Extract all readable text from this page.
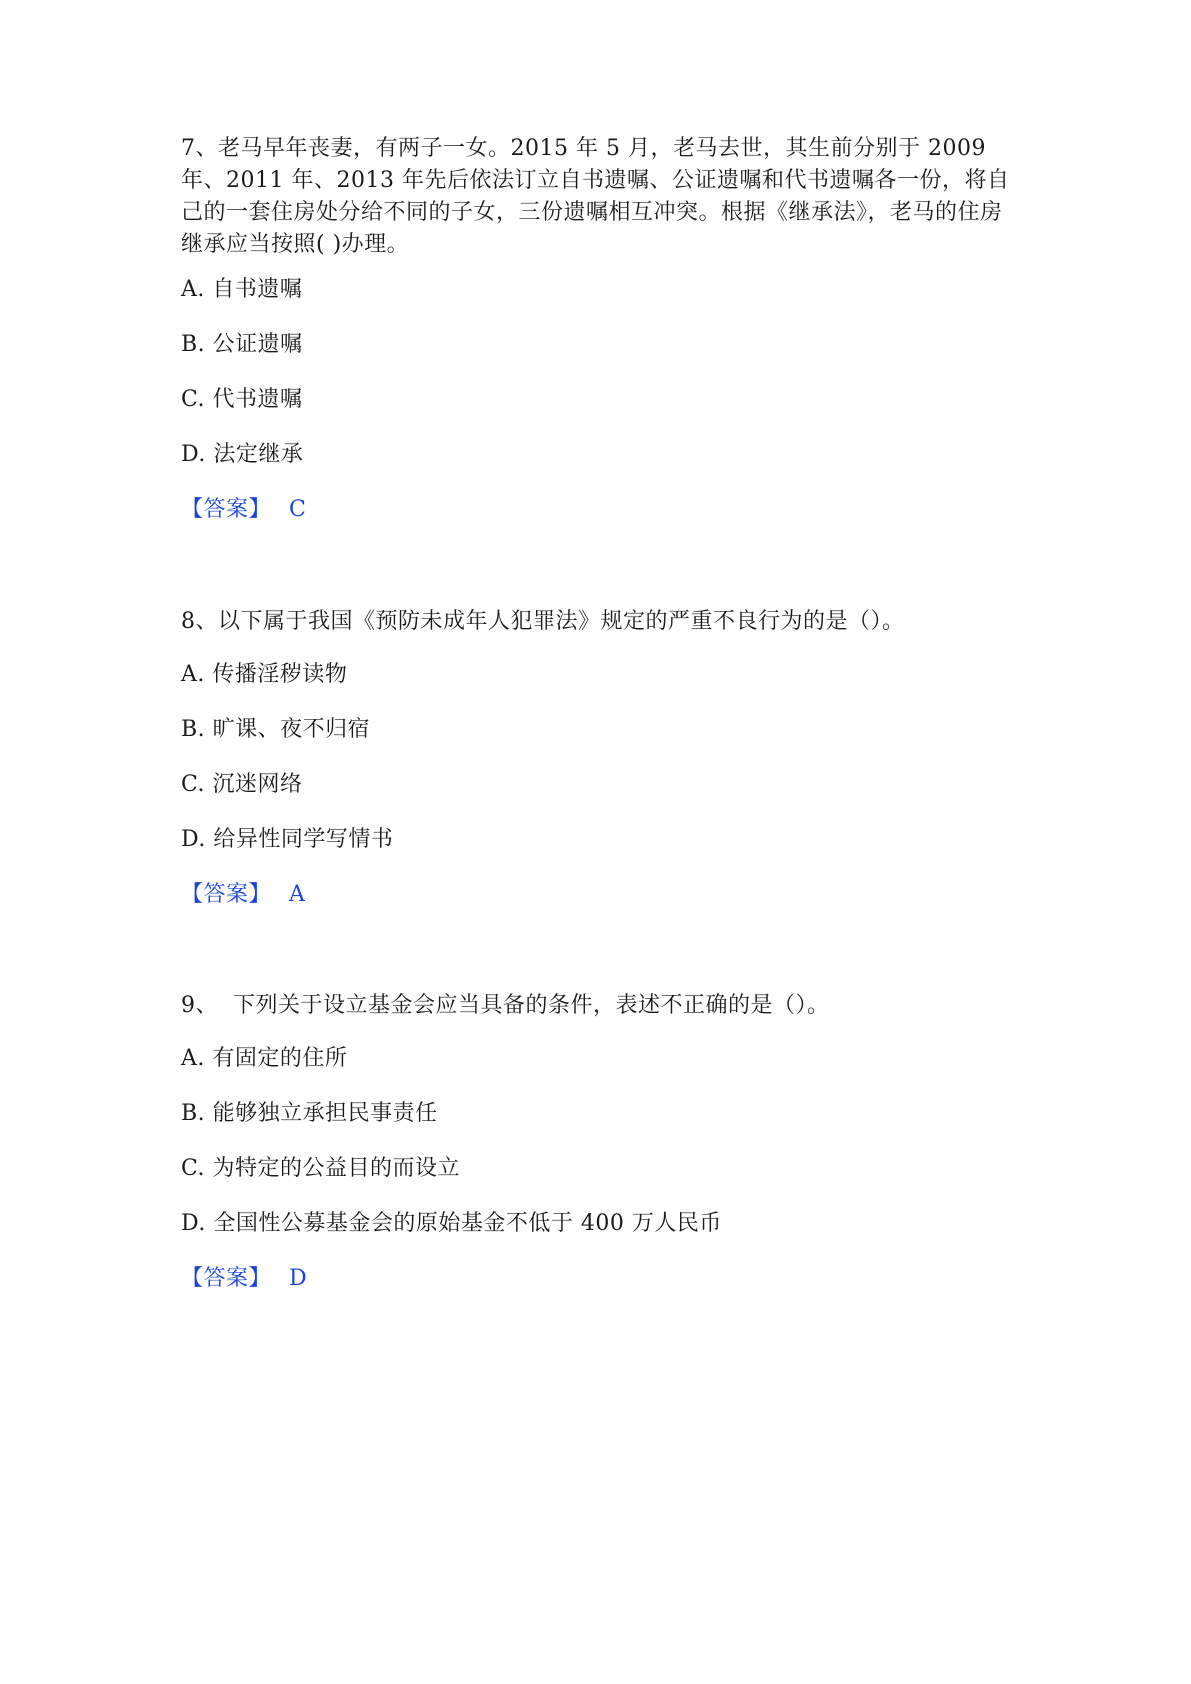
7、老马早年丧妻，有两子一女。2015 年 5 月，老马去世，其生前分别于 2009 年、2011 年、2013 年先后依法订立自书遗嘱、公证遗嘱和代书遗嘱各一份，将自己的一套住房处分给不同的子女，三份遗嘱相互冲突。根据《继承法》，老马的住房继承应当按照( )办理。

A. 自书遗嘱

B. 公证遗嘱

C. 代书遗嘱

D. 法定继承

【答案】 C

8、以下属于我国《预防未成年人犯罪法》规定的严重不良行为的是（）。

A. 传播淫秽读物

B. 旷课、夜不归宿

C. 沉迷网络

D. 给异性同学写情书

【答案】 A

9、  下列关于设立基金会应当具备的条件，表述不正确的是（）。

A. 有固定的住所

B. 能够独立承担民事责任

C. 为特定的公益目的而设立

D. 全国性公募基金会的原始基金不低于 400 万人民币

【答案】 D
